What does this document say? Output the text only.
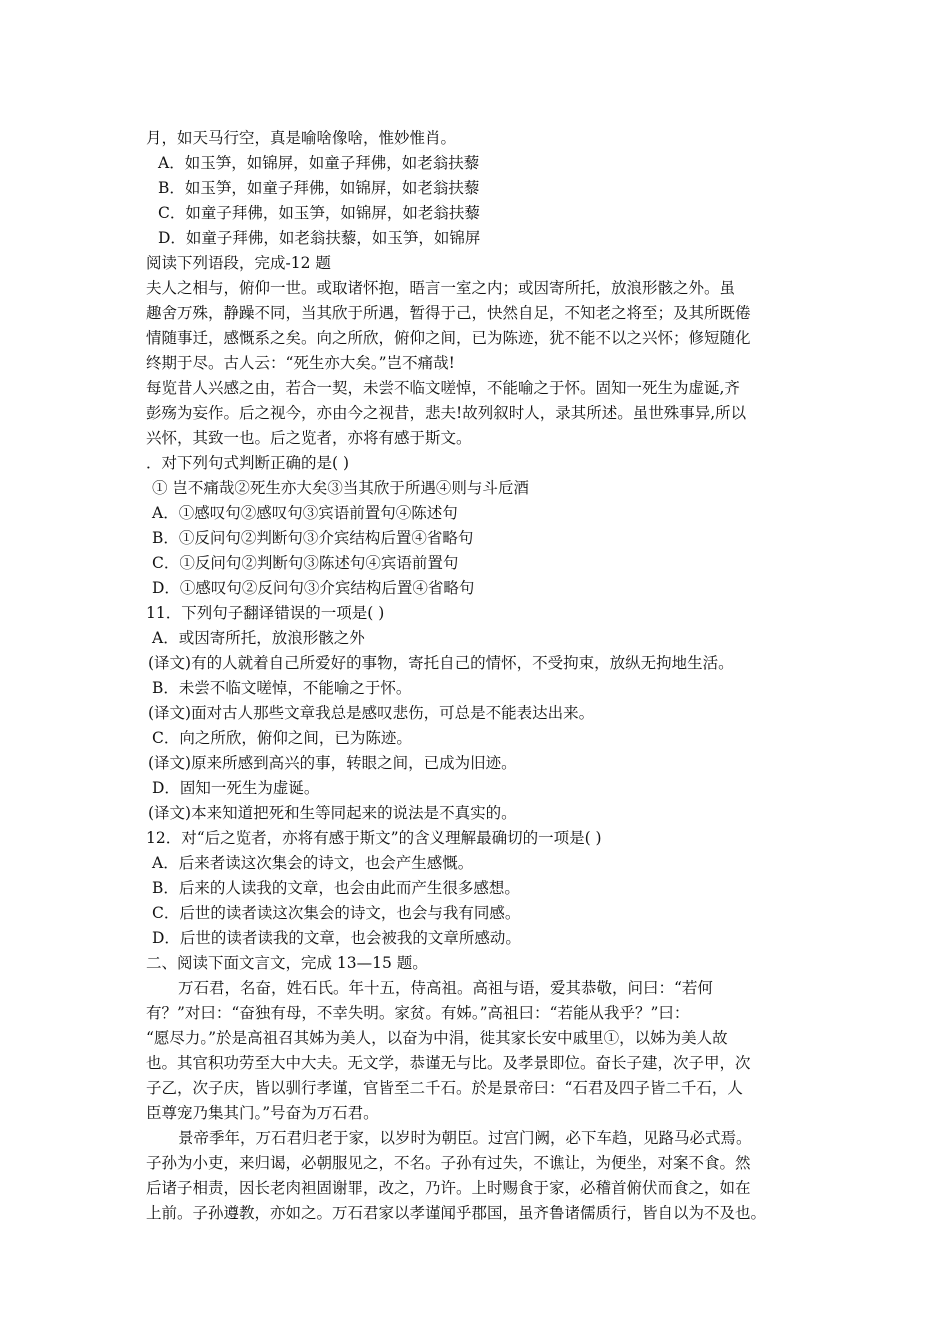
月，如天马行空，真是喻啥像啥，惟妙惟肖。
A．如玉笋，如锦屏，如童子拜佛，如老翁扶藜
B．如玉笋，如童子拜佛，如锦屏，如老翁扶藜
C．如童子拜佛，如玉笋，如锦屏，如老翁扶藜
D．如童子拜佛，如老翁扶藜，如玉笋，如锦屏
阅读下列语段，完成-12 题
夫人之相与，俯仰一世。或取诸怀抱，晤言一室之内；或因寄所托，放浪形骸之外。虽
趣舍万殊，静躁不同，当其欣于所遇，暂得于己，快然自足，不知老之将至；及其所既倦
情随事迁，感慨系之矣。向之所欣，俯仰之间，已为陈迹，犹不能不以之兴怀；修短随化
终期于尽。古人云：“死生亦大矣。”岂不痛哉!
每览昔人兴感之由，若合一契，未尝不临文嗟悼，不能喻之于怀。固知一死生为虚诞,齐
彭殇为妄作。后之视今，亦由今之视昔，悲夫!故列叙时人，录其所述。虽世殊事异,所以
兴怀，其致一也。后之览者，亦将有感于斯文。
．对下列句式判断正确的是( )
① 岂不痛哉②死生亦大矣③当其欣于所遇④则与斗卮酒
A．①感叹句②感叹句③宾语前置句④陈述句
B．①反问句②判断句③介宾结构后置④省略句
C．①反问句②判断句③陈述句④宾语前置句
D．①感叹句②反问句③介宾结构后置④省略句
11．下列句子翻译错误的一项是( )
A．或因寄所托，放浪形骸之外
(译文)有的人就着自己所爱好的事物，寄托自己的情怀，不受拘束，放纵无拘地生活。
B．未尝不临文嗟悼，不能喻之于怀。
(译文)面对古人那些文章我总是感叹悲伤，可总是不能表达出来。
C．向之所欣，俯仰之间，已为陈迹。
(译文)原来所感到高兴的事，转眼之间，已成为旧迹。
D．固知一死生为虚诞。
(译文)本来知道把死和生等同起来的说法是不真实的。
12．对“后之览者，亦将有感于斯文”的含义理解最确切的一项是( )
A．后来者读这次集会的诗文，也会产生感慨。
B．后来的人读我的文章，也会由此而产生很多感想。
C．后世的读者读这次集会的诗文，也会与我有同感。
D．后世的读者读我的文章，也会被我的文章所感动。
二、阅读下面文言文，完成 13—15 题。
万石君，名奋，姓石氏。年十五，侍高祖。高祖与语，爱其恭敬，问曰：“若何
有？”对曰：“奋独有母，不幸失明。家贫。有姊。”高祖曰：“若能从我乎？”曰：
“愿尽力。”於是高祖召其姊为美人，以奋为中涓，徙其家长安中戚里①，以姊为美人故
也。其官积功劳至大中大夫。无文学，恭谨无与比。及孝景即位。奋长子建，次子甲，次
子乙，次子庆，皆以驯行孝谨，官皆至二千石。於是景帝曰：“石君及四子皆二千石，人
臣尊宠乃集其门。”号奋为万石君。
景帝季年，万石君归老于家，以岁时为朝臣。过宫门阙，必下车趋，见路马必式焉。
子孙为小吏，来归谒，必朝服见之，不名。子孙有过失，不谯让，为便坐，对案不食。然
后诸子相责，因长老肉袒固谢罪，改之，乃许。上时赐食于家，必稽首俯伏而食之，如在
上前。子孙遵教，亦如之。万石君家以孝谨闻乎郡国，虽齐鲁诸儒质行，皆自以为不及也。
